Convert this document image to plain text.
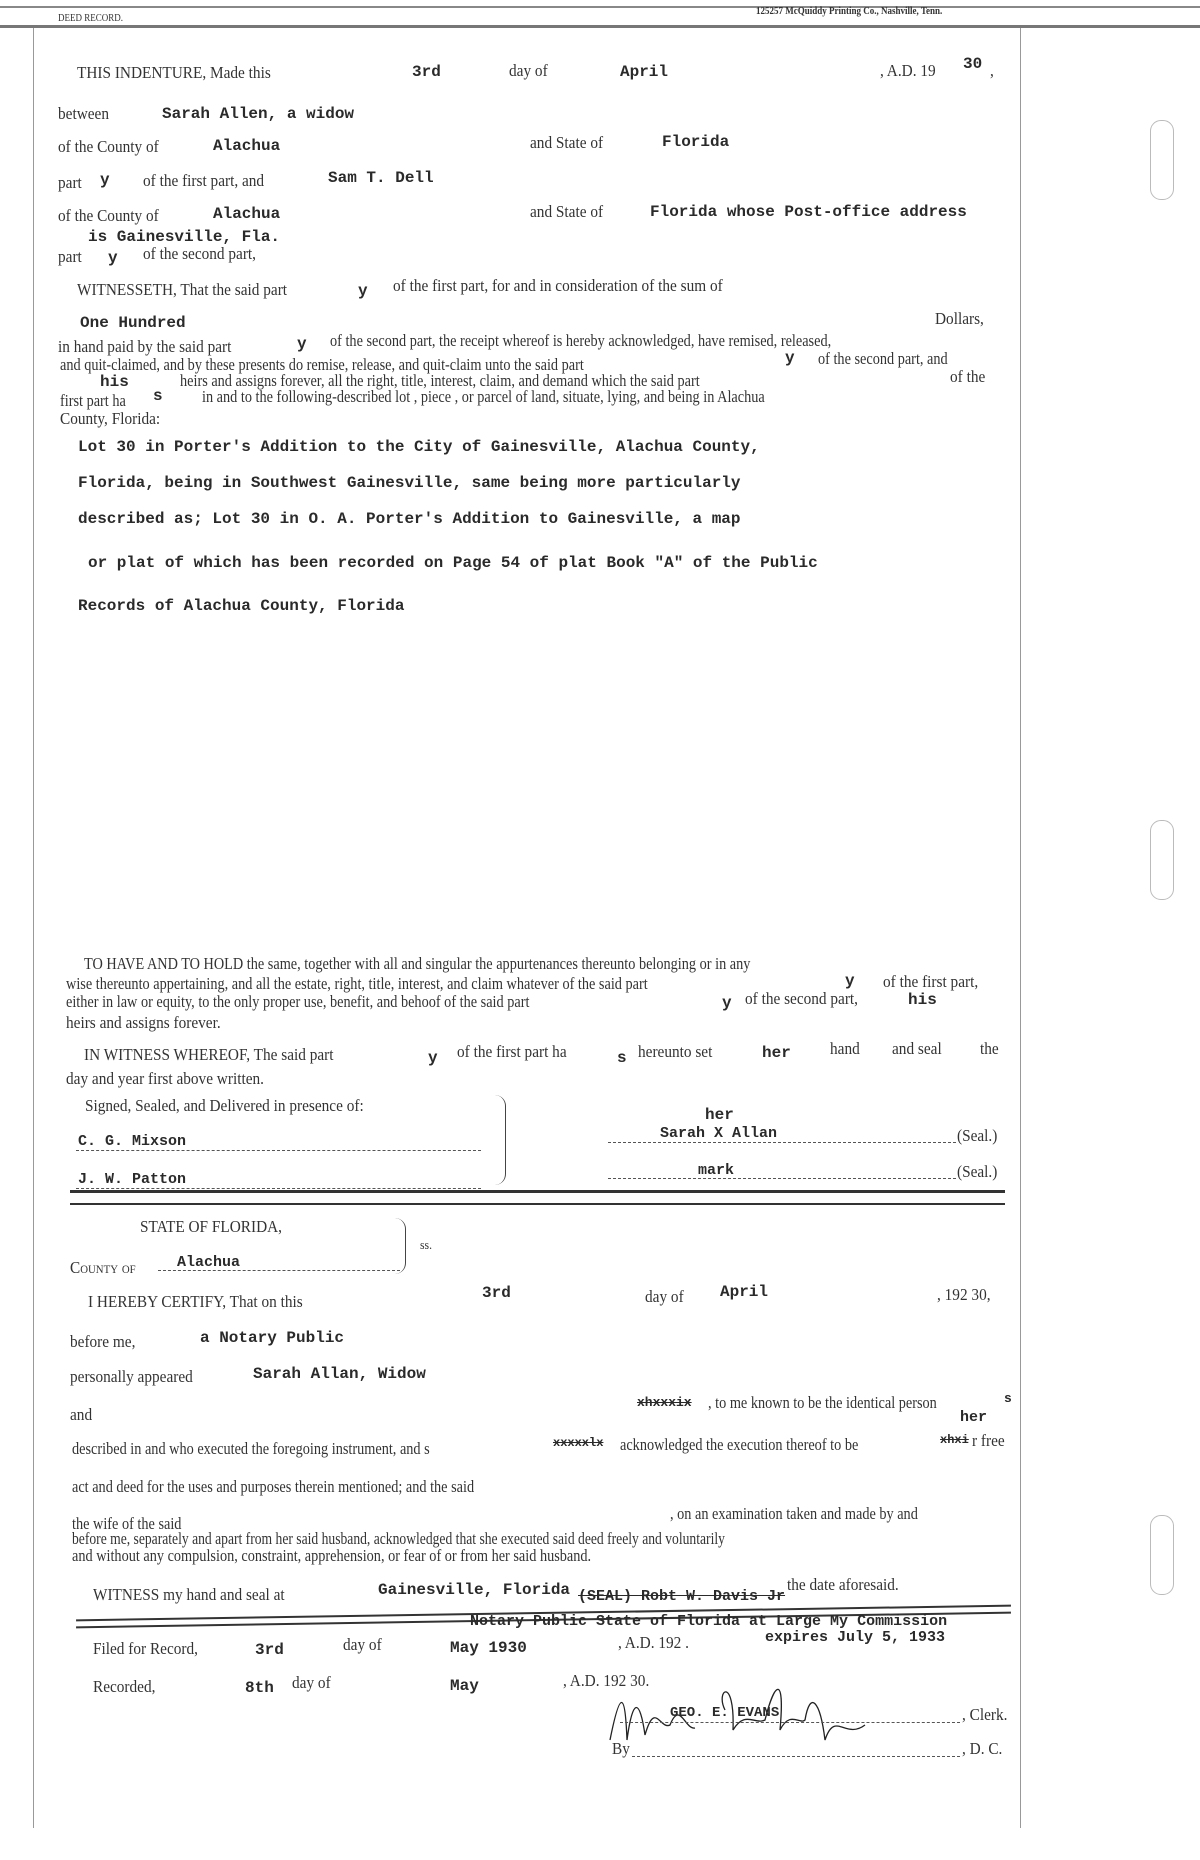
DEED RECORD.
125257 McQuiddy Printing Co., Nashville, Tenn.
THIS INDENTURE, Made this	3rd	day of	April	, A.D. 19 30 ,
between	Sarah Allen, a widow
of the County of	Alachua	and State of	Florida
part y of the first part, and	Sam T. Dell
of the County of	Alachua	and State of	Florida whose Post-office address
is Gainesville, Fla.
part y of the second part,
WITNESSETH, That the said part	y of the first part, for and in consideration of the sum of
One Hundred	Dollars,
in hand paid by the said part	y of the second part, the receipt whereof is hereby acknowledged, have remised, released,
and quit-claimed, and by these presents do remise, release, and quit-claim unto the said part	y of the second part, and
his	heirs and assigns forever, all the right, title, interest, claim, and demand which the said part	of the
first part ha s in and to the following-described lot , piece , or parcel of land, situate, lying, and being in Alachua
County, Florida:
Lot 30 in Porter's Addition to the City of Gainesville, Alachua County,
Florida, being in Southwest Gainesville, same being more particularly
described as; Lot 30 in O. A. Porter's Addition to Gainesville, a map
or plat of which has been recorded on Page 54 of plat Book "A" of the Public
Records of Alachua County, Florida
TO HAVE AND TO HOLD the same, together with all and singular the appurtenances thereunto belonging or in any
wise thereunto appertaining, and all the estate, right, title, interest, and claim whatever of the said part	y of the first part,
either in law or equity, to the only proper use, benefit, and behoof of the said part	y of the second part,	his
heirs and assigns forever.
IN WITNESS WHEREOF, The said part	y of the first part ha	s hereunto set	her hand and seal the
day and year first above written.
Signed, Sealed, and Delivered in presence of:
C. G. Mixson
J. W. Patton
her
Sarah X Allan	(Seal.)
mark	(Seal.)
STATE OF FLORIDA,
ss.
County of	Alachua
I HEREBY CERTIFY, That on this	3rd	day of April	, 192 30,
before me,	a Notary Public
personally appeared	Sarah Allan, Widow
and
xhxxxix , to me known to be the identical person	s
her
described in and who executed the foregoing instrument, and s	xxxxxlx acknowledged the execution thereof to be	xhxi r free
act and deed for the uses and purposes therein mentioned; and the said
the wife of the said
, on an examination taken and made by and
before me, separately and apart from her said husband, acknowledged that she executed said deed freely and voluntarily
and without any compulsion, constraint, apprehension, or fear of or from her said husband.
WITNESS my hand and seal at	Gainesville, Florida	the date aforesaid.
(SEAL) Robt W. Davis Jr
Notary Public State of Florida at Large My Commission
expires July 5, 1933
Filed for Record,	3rd	day of	May 1930	, A.D. 192 .
Recorded,	8th day of	May	, A.D. 192 30.
GEO. E. EVANS	, Clerk.
By	, D. C.
